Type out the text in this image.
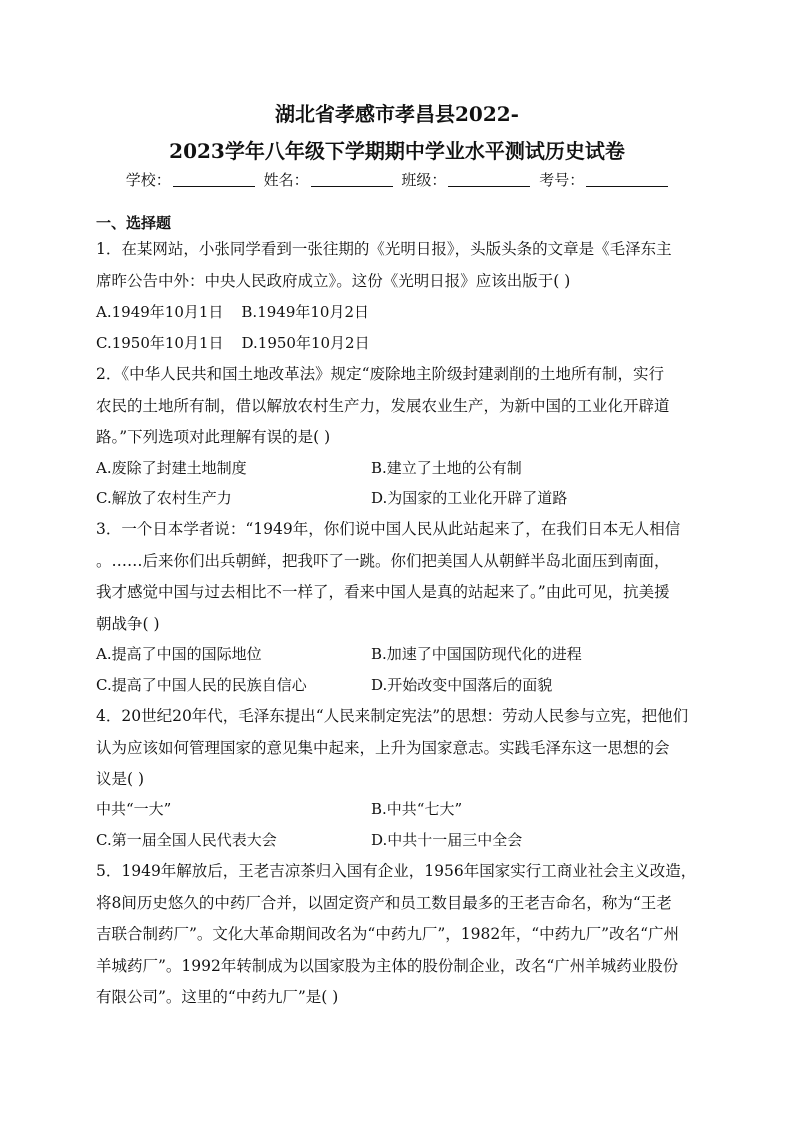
湖北省孝感市孝昌县2022-
2023学年八年级下学期期中学业水平测试历史试卷
学校：	姓名：	班级：	考号：
一、选择题
1．在某网站，小张同学看到一张往期的《光明日报》，头版头条的文章是《毛泽东主
席昨公告中外：中央人民政府成立》。这份《光明日报》应该出版于( )
A.1949年10月1日 B.1949年10月2日
C.1950年10月1日 D.1950年10月2日
2．《中华人民共和国土地改革法》规定“废除地主阶级封建剥削的土地所有制，实行
农民的土地所有制，借以解放农村生产力，发展农业生产，为新中国的工业化开辟道
路。”下列选项对此理解有误的是( )
A.废除了封建土地制度	B.建立了土地的公有制
C.解放了农村生产力	D.为国家的工业化开辟了道路
3．一个日本学者说：“1949年，你们说中国人民从此站起来了，在我们日本无人相信
。……后来你们出兵朝鲜，把我吓了一跳。你们把美国人从朝鲜半岛北面压到南面，
我才感觉中国与过去相比不一样了，看来中国人是真的站起来了。”由此可见，抗美援
朝战争( )
A.提高了中国的国际地位	B.加速了中国国防现代化的进程
C.提高了中国人民的民族自信心	D.开始改变中国落后的面貌
4．20世纪20年代，毛泽东提出“人民来制定宪法”的思想：劳动人民参与立宪，把他们
认为应该如何管理国家的意见集中起来，上升为国家意志。实践毛泽东这一思想的会
议是( )
中共“一大”	B.中共“七大”
C.第一届全国人民代表大会	D.中共十一届三中全会
5．1949年解放后，王老吉凉茶归入国有企业，1956年国家实行工商业社会主义改造，
将8间历史悠久的中药厂合并，以固定资产和员工数目最多的王老吉命名，称为“王老
吉联合制药厂”。文化大革命期间改名为“中药九厂”，1982年，“中药九厂”改名“广州
羊城药厂”。1992年转制成为以国家股为主体的股份制企业，改名“广州羊城药业股份
有限公司”。这里的“中药九厂”是( )
